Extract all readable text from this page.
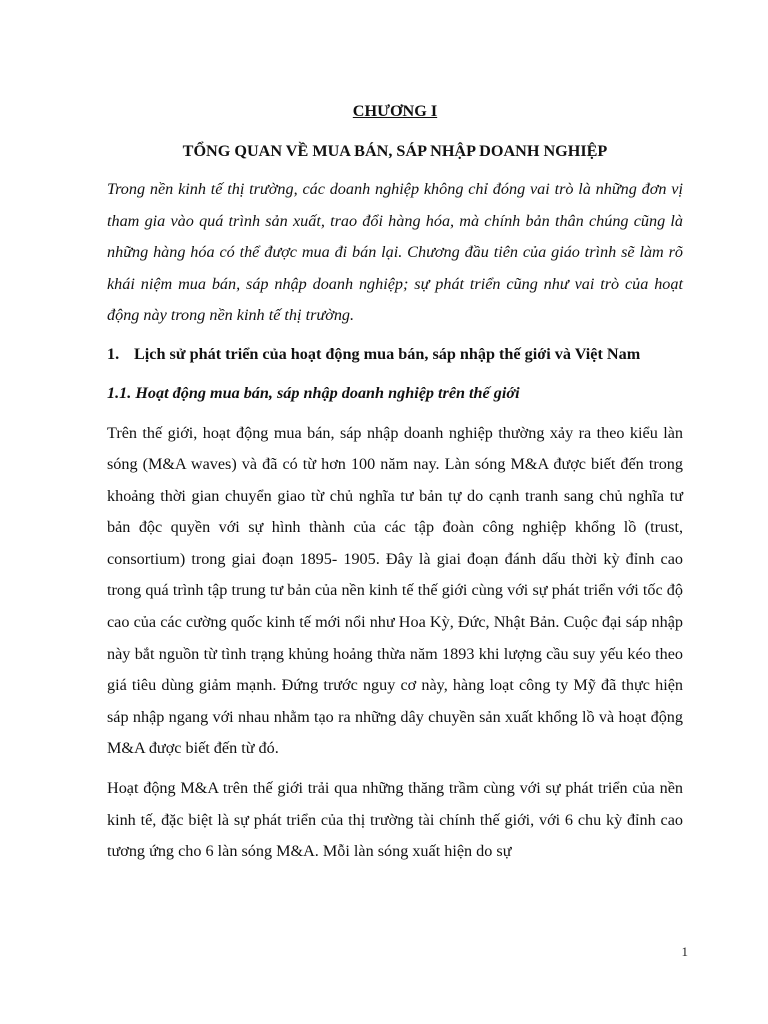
CHƯƠNG I
TỔNG QUAN VỀ MUA BÁN, SÁP NHẬP DOANH NGHIỆP

Trong nền kinh tế thị trường, các doanh nghiệp không chỉ đóng vai trò là những đơn vị tham gia vào quá trình sản xuất, trao đổi hàng hóa, mà chính bản thân chúng cũng là những hàng hóa có thể được mua đi bán lại. Chương đầu tiên của giáo trình sẽ làm rõ khái niệm mua bán, sáp nhập doanh nghiệp; sự phát triển cũng như vai trò của hoạt động này trong nền kinh tế thị trường.

1. Lịch sử phát triển của hoạt động mua bán, sáp nhập thế giới và Việt Nam
1.1. Hoạt động mua bán, sáp nhập doanh nghiệp trên thế giới

Trên thế giới, hoạt động mua bán, sáp nhập doanh nghiệp thường xảy ra theo kiểu làn sóng (M&A waves) và đã có từ hơn 100 năm nay. Làn sóng M&A được biết đến trong khoảng thời gian chuyển giao từ chủ nghĩa tư bản tự do cạnh tranh sang chủ nghĩa tư bản độc quyền với sự hình thành của các tập đoàn công nghiệp khổng lồ (trust, consortium) trong giai đoạn 1895- 1905. Đây là giai đoạn đánh dấu thời kỳ đỉnh cao trong quá trình tập trung tư bản của nền kinh tế thế giới cùng với sự phát triển với tốc độ cao của các cường quốc kinh tế mới nổi như Hoa Kỳ, Đức, Nhật Bản. Cuộc đại sáp nhập này bắt nguồn từ tình trạng khủng hoảng thừa năm 1893 khi lượng cầu suy yếu kéo theo giá tiêu dùng giảm mạnh. Đứng trước nguy cơ này, hàng loạt công ty Mỹ đã thực hiện sáp nhập ngang với nhau nhằm tạo ra những dây chuyền sản xuất khổng lồ và hoạt động M&A được biết đến từ đó.

Hoạt động M&A trên thế giới trải qua những thăng trầm cùng với sự phát triển của nền kinh tế, đặc biệt là sự phát triển của thị trường tài chính thế giới, với 6 chu kỳ đỉnh cao tương ứng cho 6 làn sóng M&A. Mỗi làn sóng xuất hiện do sự

1
